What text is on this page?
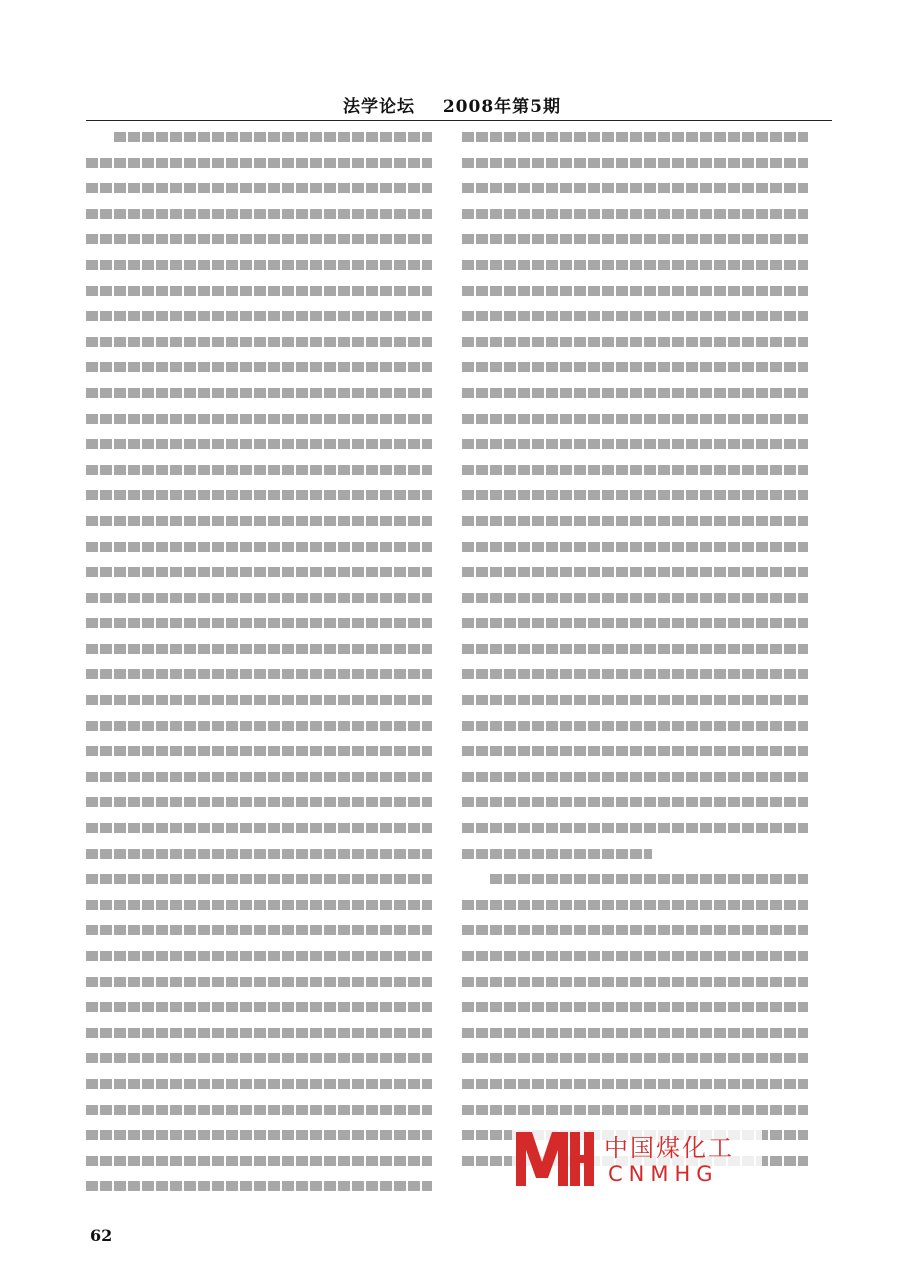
法学论坛 2008年第5期
62
中国煤化工
CNMHG
